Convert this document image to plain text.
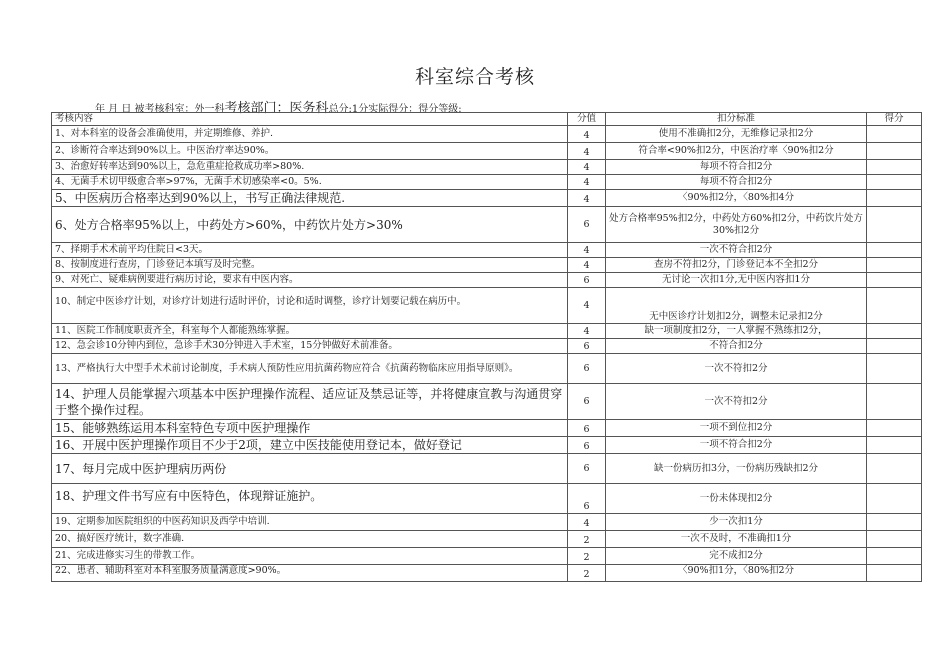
科室综合考核
年 月 日 被考核科室：外一科考核部门：医务科总分:1分实际得分：得分等级:
考核内容	分值	扣分标准	得分
1、对本科室的设备会准确使用，并定期维修、养护.	4	使用不准确扣2分，无维修记录扣2分	
2、诊断符合率达到90%以上。中医治疗率达90%。	4	符合率<90%扣2分，中医治疗率〈90%扣2分	
3、治愈好转率达到90%以上，急危重症抢救成功率>80%.	4	每项不符合扣2分	
4、无菌手术切甲级愈合率>97%，无菌手术切感染率<0。5%.	4	每项不符合扣2分	
5、中医病历合格率达到90%以上，书写正确法律规范.	4	〈90%扣2分，〈80%扣4分	
6、处方合格率95%以上，中药处方>60%，中药饮片处方>30%	6	处方合格率95%扣2分，中药处方60%扣2分，中药饮片处方30%扣2分	
7、择期手术术前平均住院日<3天。	4	一次不符合扣2分	
8、按制度进行查房，门诊登记本填写及时完整。	4	查房不符扣2分，门诊登记本不全扣2分	
9、对死亡、疑难病例要进行病历讨论，要求有中医内容。	6	无讨论一次扣1分,无中医内容扣1分	
10、制定中医诊疗计划，对诊疗计划进行适时评价，讨论和适时调整，诊疗计划要记载在病历中。	4	无中医诊疗计划扣2分，调整未记录扣2分	
11、医院工作制度职责齐全，科室每个人都能熟练掌握。	4	缺一项制度扣2分，一人掌握不熟练扣2分，	
12、急会诊10分钟内到位，急诊手术30分钟进入手术室，15分钟做好术前准备。	6	不符合扣2分	
13、严格执行大中型手术术前讨论制度，手术病人预防性应用抗菌药物应符合《抗菌药物临床应用指导原则》。	6	一次不符扣2分	
14、护理人员能掌握六项基本中医护理操作流程、适应证及禁忌证等，并将健康宣教与沟通贯穿于整个操作过程。	6	一次不符扣2分	
15、能够熟练运用本科室特色专项中医护理操作	6	一项不到位扣2分	
16、开展中医护理操作项目不少于2项，建立中医技能使用登记本，做好登记	6	一项不符合扣2分	
17、每月完成中医护理病历两份	6	缺一份病历扣3分，一份病历残缺扣2分	
18、护理文件书写应有中医特色，体现辩证施护。	6	一份未体现扣2分	
19、定期参加医院组织的中医药知识及西学中培训.	4	少一次扣1分	
20、搞好医疗统计，数字准确.	2	一次不及时，不准确扣1分	
21、完成进修实习生的带教工作。	2	完不成扣2分	
22、患者、辅助科室对本科室服务质量满意度>90%。	2	〈90%扣1分，〈80%扣2分	
